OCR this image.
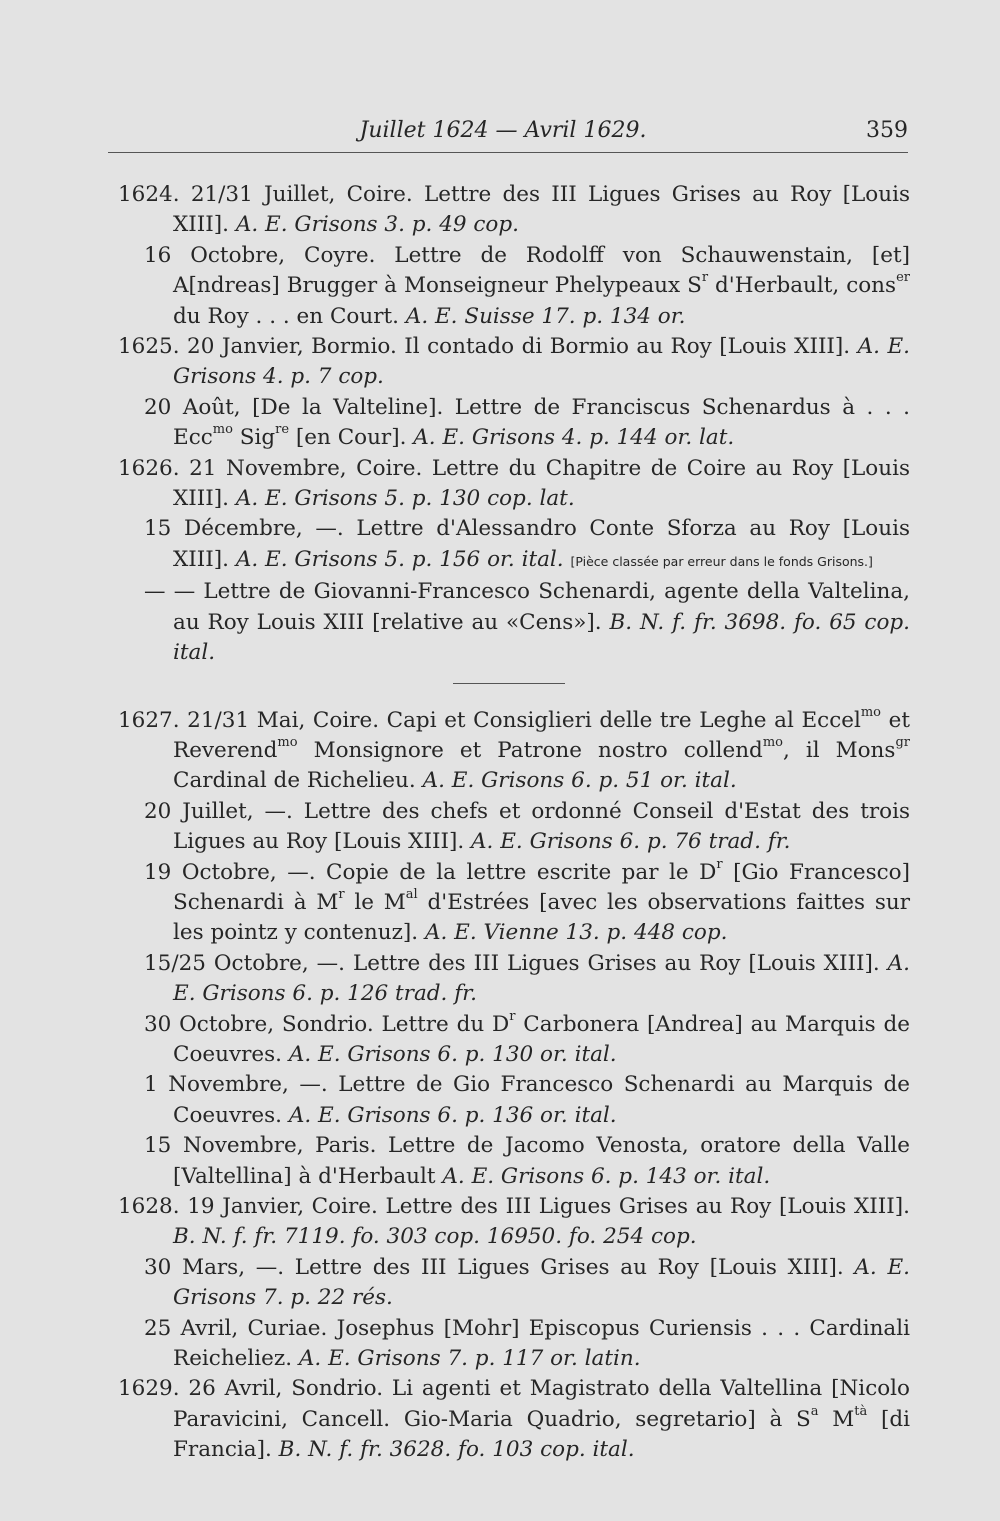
Juillet 1624 — Avril 1629.	359

1624. 21/31 Juillet, Coire. Lettre des III Ligues Grises au Roy [Louis XIII]. A. E. Grisons 3. p. 49 cop.

16 Octobre, Coyre. Lettre de Rodolff von Schauwenstain, [et] A[ndreas] Brugger à Monseigneur Phelypeaux $S^r$ d'Herbault, cons$^{er}$ du Roy . . . en Court. A. E. Suisse 17. p. 134 or.

1625. 20 Janvier, Bormio. Il contado di Bormio au Roy [Louis XIII]. A. E. Grisons 4. p. 7 cop.

20 Août, [De la Valteline]. Lettre de Franciscus Schenardus à . . . Ecc$^{mo}$ Sig$^{re}$ [en Cour]. A. E. Grisons 4. p. 144 or. lat.

1626. 21 Novembre, Coire. Lettre du Chapitre de Coire au Roy [Louis XIII]. A. E. Grisons 5. p. 130 cop. lat.

15 Décembre, —. Lettre d'Alessandro Conte Sforza au Roy [Louis XIII]. A. E. Grisons 5. p. 156 or. ital. [Pièce classée par erreur dans le fonds Grisons.]

— — Lettre de Giovanni-Francesco Schenardi, agente della Valtelina, au Roy Louis XIII [relative au «Cens»]. B. N. f. fr. 3698. fo. 65 cop. ital.

1627. 21/31 Mai, Coire. Capi et Consiglieri delle tre Leghe al Eccel$^{mo}$ et Reverend$^{mo}$ Monsignore et Patrone nostro collend$^{mo}$, il Mons$^{gr}$ Cardinal de Richelieu. A. E. Grisons 6. p. 51 or. ital.

20 Juillet, —. Lettre des chefs et ordonné Conseil d'Estat des trois Ligues au Roy [Louis XIII]. A. E. Grisons 6. p. 76 trad. fr.

19 Octobre, —. Copie de la lettre escrite par le $D^r$ [Gio Francesco] Schenardi à $M^r$ le $M^{al}$ d'Estrées [avec les observations faittes sur les pointz y contenuz]. A. E. Vienne 13. p. 448 cop.

15/25 Octobre, —. Lettre des III Ligues Grises au Roy [Louis XIII]. A. E. Grisons 6. p. 126 trad. fr.

30 Octobre, Sondrio. Lettre du $D^r$ Carbonera [Andrea] au Marquis de Coeuvres. A. E. Grisons 6. p. 130 or. ital.

1 Novembre, —. Lettre de Gio Francesco Schenardi au Marquis de Coeuvres. A. E. Grisons 6. p. 136 or. ital.

15 Novembre, Paris. Lettre de Jacomo Venosta, oratore della Valle [Valtellina] à d'Herbault A. E. Grisons 6. p. 143 or. ital.

1628. 19 Janvier, Coire. Lettre des III Ligues Grises au Roy [Louis XIII]. B. N. f. fr. 7119. fo. 303 cop. 16950. fo. 254 cop.

30 Mars, —. Lettre des III Ligues Grises au Roy [Louis XIII]. A. E. Grisons 7. p. 22 rés.

25 Avril, Curiae. Josephus [Mohr] Episcopus Curiensis . . . Cardinali Reicheliez. A. E. Grisons 7. p. 117 or. latin.

1629. 26 Avril, Sondrio. Li agenti et Magistrato della Valtellina [Nicolo Paravicini, Cancell. Gio-Maria Quadrio, segretario] à $S^a$ $M^{tà}$ [di Francia]. B. N. f. fr. 3628. fo. 103 cop. ital.
